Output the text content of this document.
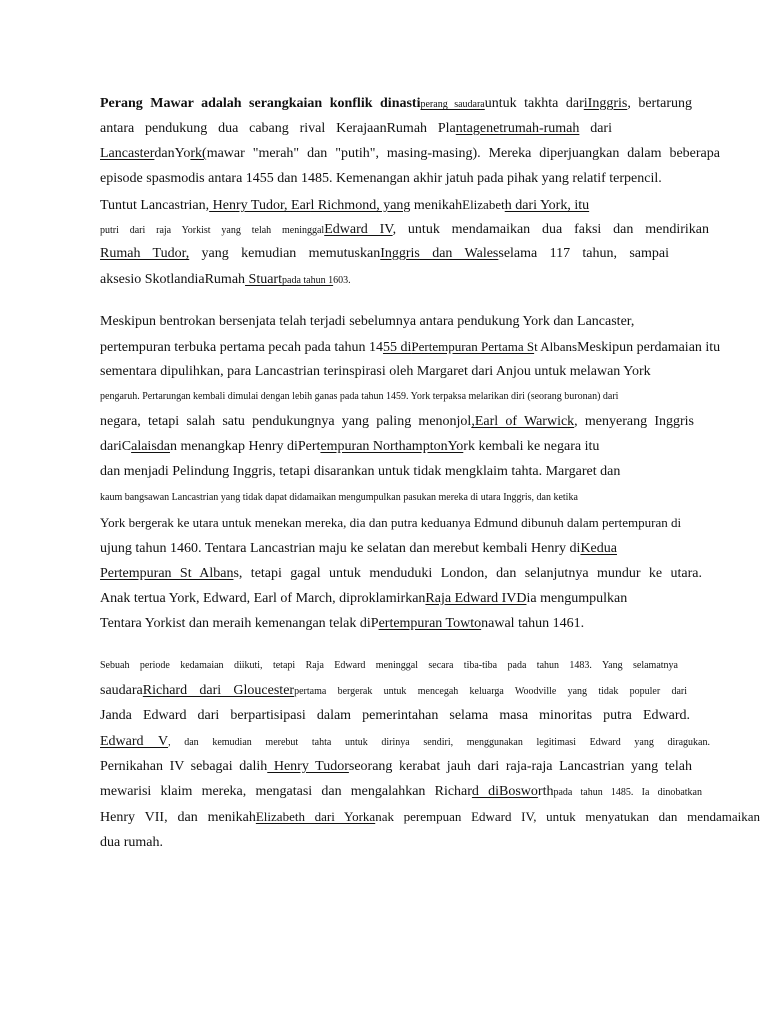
Perang Mawar adalah serangkaian konflik dinastiperang saudarauntuk takhta dariInggris, bertarung
antara pendukung dua cabang rival KerajaanRumah Plantagenetrumah-rumah dari
LancasterdanYork(mawar "merah" dan "putih", masing-masing). Mereka diperjuangkan dalam beberapa
episode spasmodis antara 1455 dan 1485. Kemenangan akhir jatuh pada pihak yang relatif terpencil.
Tuntut Lancastrian, Henry Tudor, Earl Richmond, yang menikahElizabeth dari York, itu
putri dari raja Yorkist yang telah meninggalEdward IV, untuk mendamaikan dua faksi dan mendirikan
Rumah Tudor, yang kemudian memutuskanInggris dan Walesselama 117 tahun, sampai
aksesio SkotlandiaRumah Stuartpada tahun 1603.
Meskipun bentrokan bersenjata telah terjadi sebelumnya antara pendukung York dan Lancaster,
pertempuran terbuka pertama pecah pada tahun 1455 diPertempuran Pertama St AlbansMeskipun perdamaian itu
sementara dipulihkan, para Lancastrian terinspirasi oleh Margaret dari Anjou untuk melawan York
pengaruh. Pertarungan kembali dimulai dengan lebih ganas pada tahun 1459. York terpaksa melarikan diri (seorang buronan) dari
negara, tetapi salah satu pendukungnya yang paling menonjol,Earl of Warwick, menyerang Inggris
dariCalaisdan menangkap Henry diPertempuran NorthamptonYork kembali ke negara itu
dan menjadi Pelindung Inggris, tetapi disarankan untuk tidak mengklaim tahta. Margaret dan
kaum bangsawan Lancastrian yang tidak dapat didamaikan mengumpulkan pasukan mereka di utara Inggris, dan ketika
York bergerak ke utara untuk menekan mereka, dia dan putra keduanya Edmund dibunuh dalam pertempuran di
ujung tahun 1460. Tentara Lancastrian maju ke selatan dan merebut kembali Henry diKedua
Pertempuran St Albans, tetapi gagal untuk menduduki London, dan selanjutnya mundur ke utara.
Anak tertua York, Edward, Earl of March, diproklamirkanRaja Edward IVDia mengumpulkan
Tentara Yorkist dan meraih kemenangan telak diPertempuran Towtonawal tahun 1461.
Sebuah periode kedamaian diikuti, tetapi Raja Edward meninggal secara tiba-tiba pada tahun 1483. Yang selamatnya
saudaraRichard dari Gloucesterpertama bergerak untuk mencegah keluarga Woodville yang tidak populer dari
Janda Edward dari berpartisipasi dalam pemerintahan selama masa minoritas putra Edward.
Edward V, dan kemudian merebut tahta untuk dirinya sendiri, menggunakan legitimasi Edward yang diragukan.
Pernikahan IV sebagai dalih Henry Tudorseorang kerabat jauh dari raja-raja Lancastrian yang telah
mewarisi klaim mereka, mengatasi dan mengalahkan Richard diBosworthpada tahun 1485. Ia dinobatkan
Henry VII, dan menikahElizabeth dari Yorkanak perempuan Edward IV, untuk menyatukan dan mendamaikan
dua rumah.
